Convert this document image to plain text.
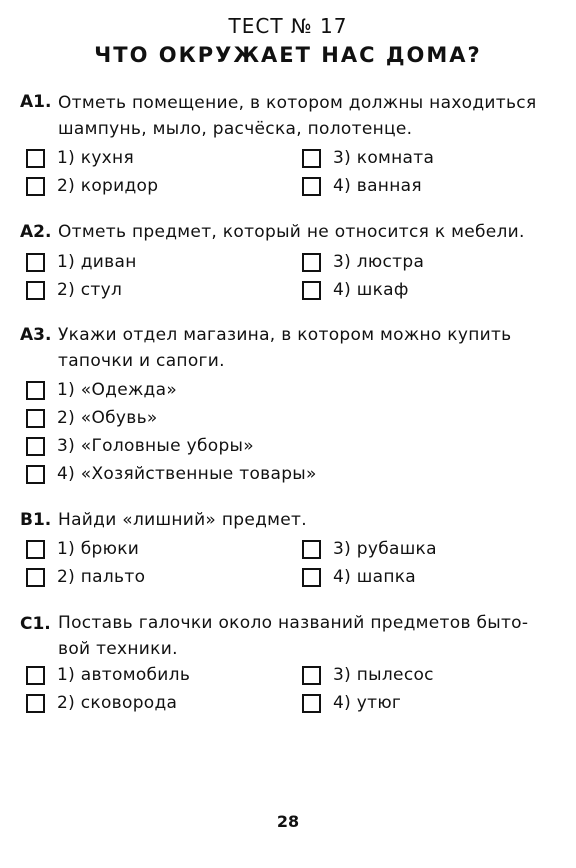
ТЕСТ № 17
ЧТО ОКРУЖАЕТ НАС ДОМА?
А1. Отметь помещение, в котором должны находиться
шампунь, мыло, расчёска, полотенце.
1) кухня
2) коридор
3) комната
4) ванная
А2. Отметь предмет, который не относится к мебели.
1) диван
2) стул
3) люстра
4) шкаф
А3. Укажи отдел магазина, в котором можно купить
тапочки и сапоги.
1) «Одежда»
2) «Обувь»
3) «Головные уборы»
4) «Хозяйственные товары»
В1. Найди «лишний» предмет.
1) брюки
2) пальто
3) рубашка
4) шапка
С1. Поставь галочки около названий предметов быто-
вой техники.
1) автомобиль
2) сковорода
3) пылесос
4) утюг
28
